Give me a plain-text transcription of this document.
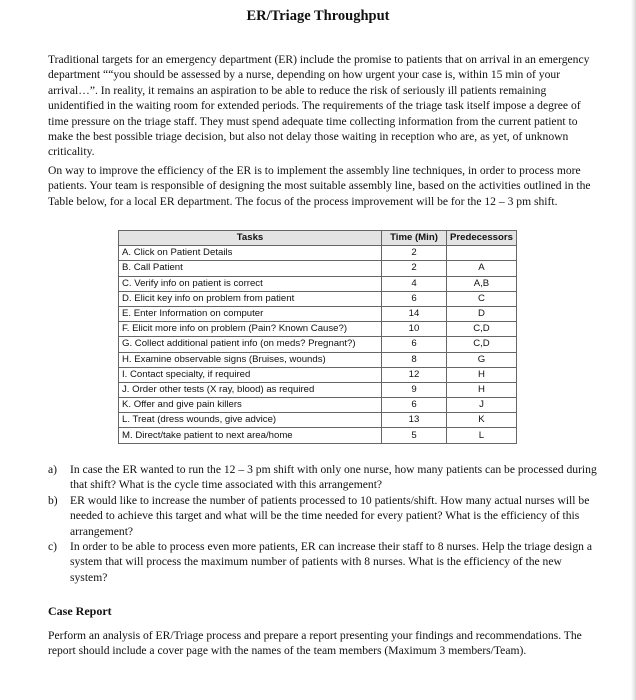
ER/Triage Throughput

Traditional targets for an emergency department (ER) include the promise to patients that on arrival in an emergency department ““you should be assessed by a nurse, depending on how urgent your case is, within 15 min of your arrival…”. In reality, it remains an aspiration to be able to reduce the risk of seriously ill patients remaining unidentified in the waiting room for extended periods. The requirements of the triage task itself impose a degree of time pressure on the triage staff. They must spend adequate time collecting information from the current patient to make the best possible triage decision, but also not delay those waiting in reception who are, as yet, of unknown criticality.

On way to improve the efficiency of the ER is to implement the assembly line techniques, in order to process more patients. Your team is responsible of designing the most suitable assembly line, based on the activities outlined in the Table below, for a local ER department. The focus of the process improvement will be for the 12 – 3 pm shift.

Tasks	Time (Min)	Predecessors
A. Click on Patient Details	2	
B. Call Patient	2	A
C. Verify info on patient is correct	4	A,B
D. Elicit key info on problem from patient	6	C
E. Enter Information on computer	14	D
F. Elicit more info on problem (Pain? Known Cause?)	10	C,D
G. Collect additional patient info (on meds? Pregnant?)	6	C,D
H. Examine observable signs (Bruises, wounds)	8	G
I. Contact specialty, if required	12	H
J. Order other tests (X ray, blood) as required	9	H
K. Offer and give pain killers	6	J
L. Treat (dress wounds, give advice)	13	K
M. Direct/take patient to next area/home	5	L
a) In case the ER wanted to run the 12 – 3 pm shift with only one nurse, how many patients can be processed during that shift? What is the cycle time associated with this arrangement?
b) ER would like to increase the number of patients processed to 10 patients/shift. How many actual nurses will be needed to achieve this target and what will be the time needed for every patient? What is the efficiency of this arrangement?
c) In order to be able to process even more patients, ER can increase their staff to 8 nurses. Help the triage design a system that will process the maximum number of patients with 8 nurses. What is the efficiency of the new system?
Case Report

Perform an analysis of ER/Triage process and prepare a report presenting your findings and recommendations. The report should include a cover page with the names of the team members (Maximum 3 members/Team).
